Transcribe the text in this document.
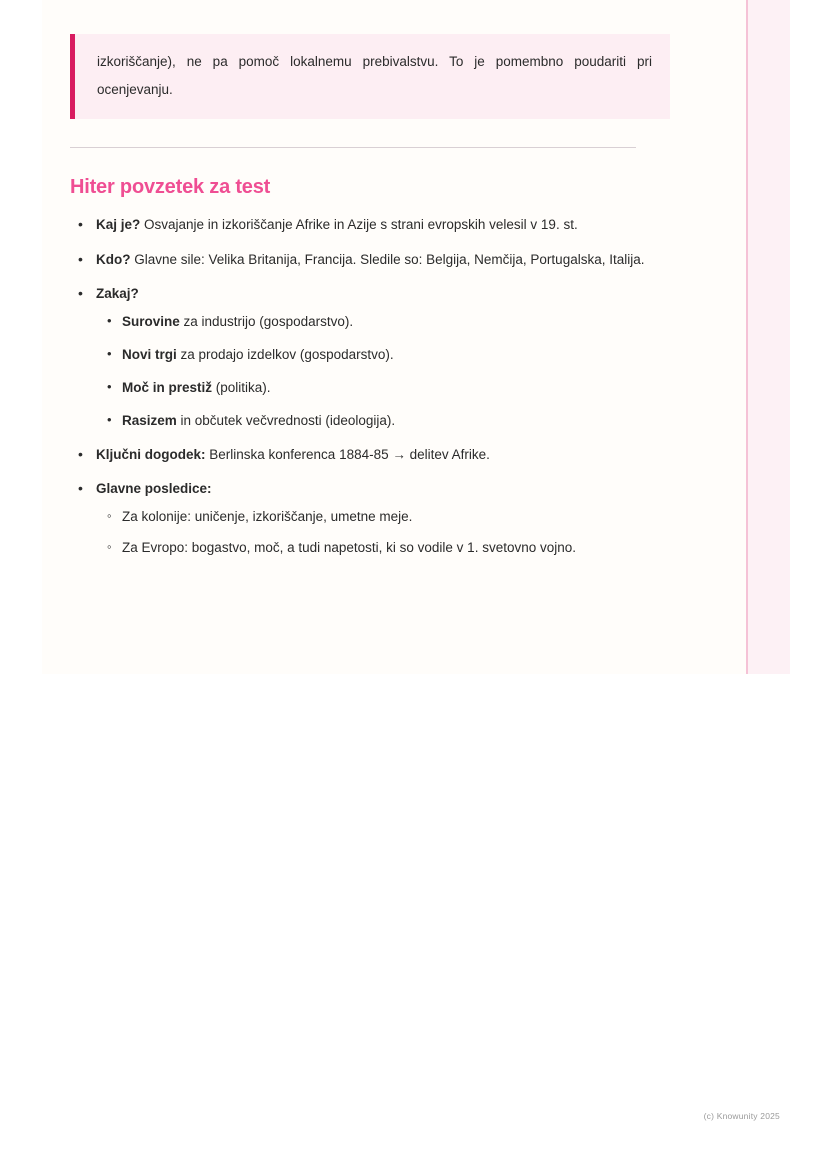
izkoriščanje), ne pa pomoč lokalnemu prebivalstvu. To je pomembno poudariti pri ocenjevanju.

Hiter povzetek za test
• Kaj je? Osvajanje in izkoriščanje Afrike in Azije s strani evropskih velesil v 19. st.
• Kdo? Glavne sile: Velika Britanija, Francija. Sledile so: Belgija, Nemčija, Portugalska, Italija.
• Zakaj?
• Surovine za industrijo (gospodarstvo).
• Novi trgi za prodajo izdelkov (gospodarstvo).
• Moč in prestiž (politika).
• Rasizem in občutek večvrednosti (ideologija).
• Ključni dogodek: Berlinska konferenca 1884-85 → delitev Afrike.
• Glavne posledice:
◦ Za kolonije: uničenje, izkoriščanje, umetne meje.
◦ Za Evropo: bogastvo, moč, a tudi napetosti, ki so vodile v 1. svetovno vojno.
(c) Knowunity 2025
